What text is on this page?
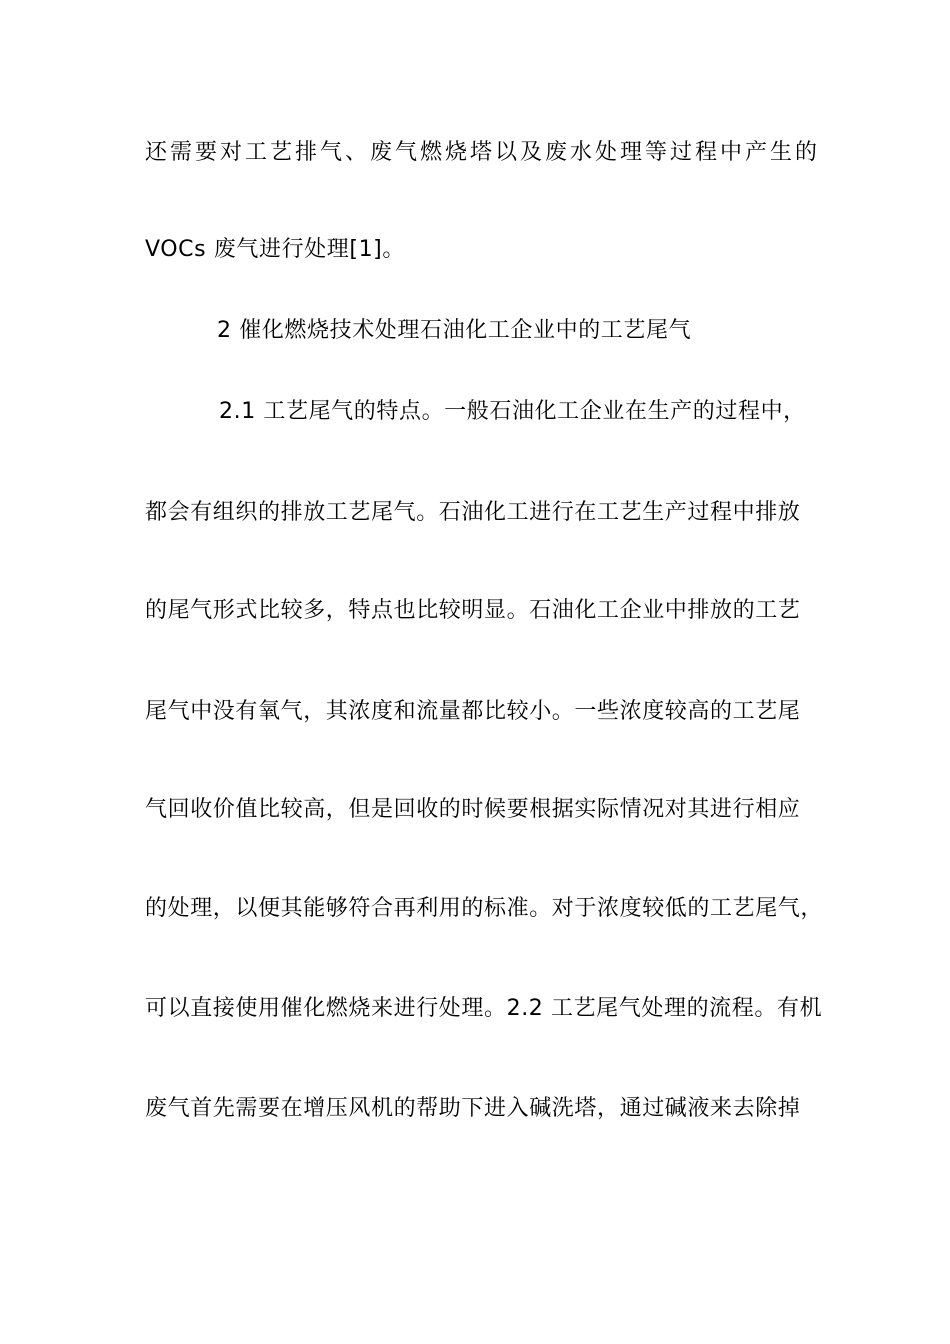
还需要对工艺排气、废气燃烧塔以及废水处理等过程中产生的
VOCs 废气进行处理[1]。
2 催化燃烧技术处理石油化工企业中的工艺尾气
2.1 工艺尾气的特点。一般石油化工企业在生产的过程中，
都会有组织的排放工艺尾气。石油化工进行在工艺生产过程中排放
的尾气形式比较多，特点也比较明显。石油化工企业中排放的工艺
尾气中没有氧气，其浓度和流量都比较小。一些浓度较高的工艺尾
气回收价值比较高，但是回收的时候要根据实际情况对其进行相应
的处理，以便其能够符合再利用的标准。对于浓度较低的工艺尾气，
可以直接使用催化燃烧来进行处理。2.2 工艺尾气处理的流程。有机
废气首先需要在增压风机的帮助下进入碱洗塔，通过碱液来去除掉
